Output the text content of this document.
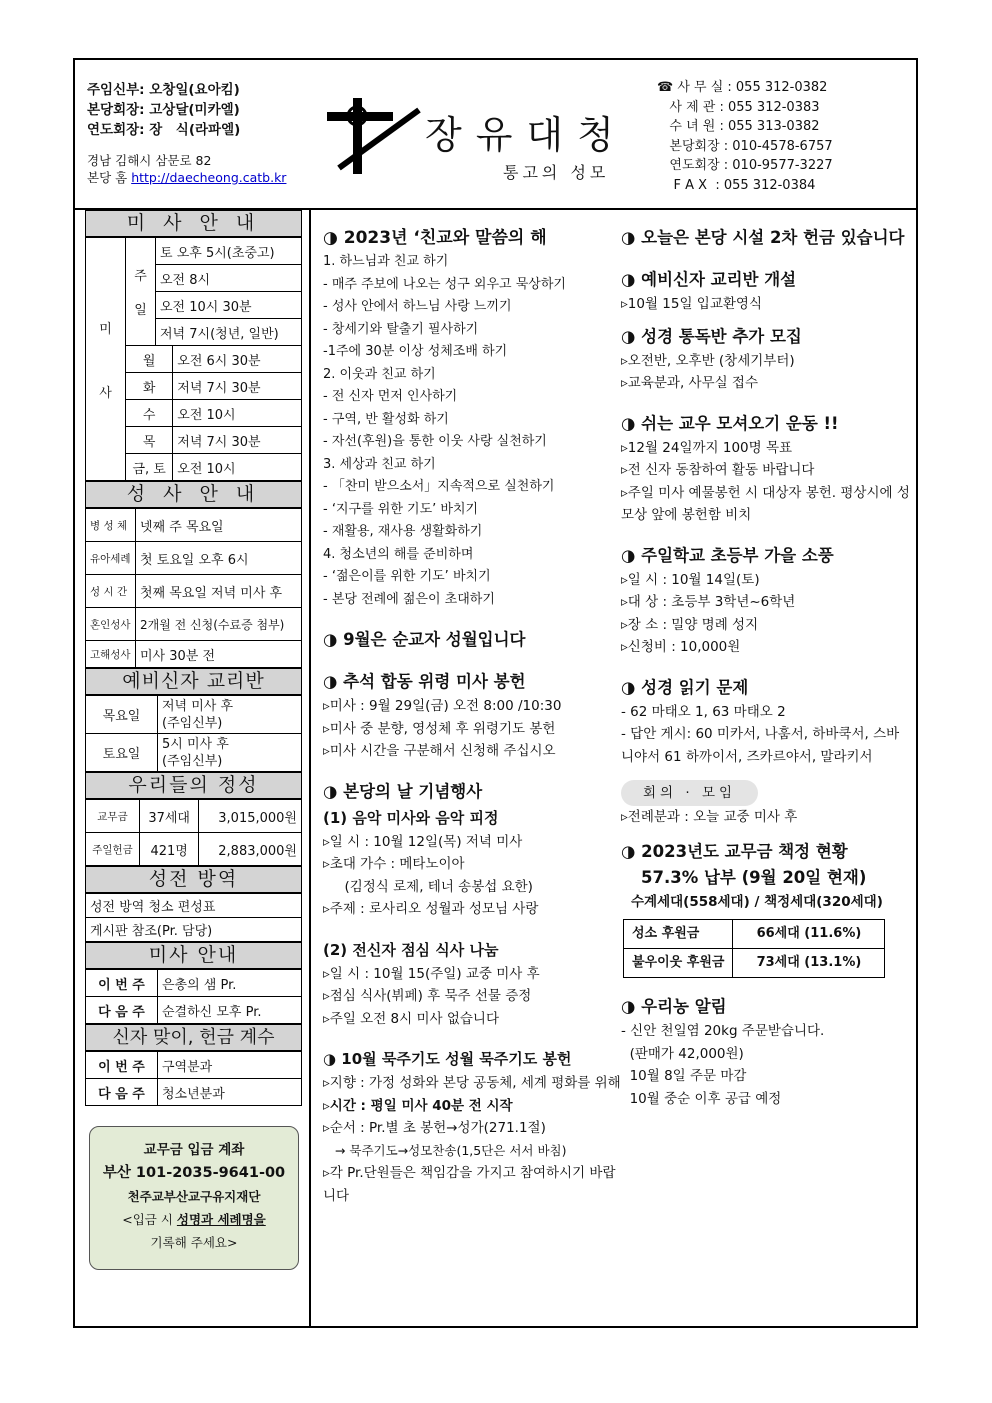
주임신부: 오창일(요아킴)
본당회장: 고상달(미카엘)
연도회장: 장　식(라파엘)
경남 김해시 삼문로 82
본당 홈 http://daecheong.catb.kr
장유대청
통고의 성모
☎ 사 무 실 : 055 312-0382
사 제 관 : 055 312-0383
수 녀 원 : 055 313-0382
본당회장 : 010-4578-6757
연도회장 : 010-9577-3227
F A X  : 055 312-0384
미 사 안 내
미

사	주

일	토 오후 5시(초중고)	
		오전 8시	
		오전 10시 30분	
		저녁 7시(청년, 일반)	
	월		오전 6시 30분
	화		저녁 7시 30분
	수		오전 10시
	목		저녁 7시 30분
	금, 토		오전 10시
성 사 안 내
병 성 체	넷째 주 목요일
유아세례	첫 토요일 오후 6시
성 시 간	첫째 목요일 저녁 미사 후
혼인성사	2개월 전 신청(수료증 첨부)
고해성사	미사 30분 전
예비신자 교리반
목요일	저녁 미사 후
(주임신부)
토요일	5시 미사 후
(주임신부)
우리들의 정성
교무금	37세대	3,015,000원
주일헌금	421명	2,883,000원
성전 방역
성전 방역 청소 편성표
게시판 참조(Pr. 담당)
미사 안내
이 번 주	은총의 샘 Pr.
다 음 주	순결하신 모후 Pr.
신자 맞이, 헌금 계수
이 번 주	구역분과
다 음 주	청소년분과
교무금 입금 계좌
부산 101-2035-9641-00
천주교부산교구유지재단
<입금 시 성명과 세례명을
기록해 주세요>
◑ 2023년 ‘친교와 말씀의 해
1. 하느님과 친교 하기
- 매주 주보에 나오는 성구 외우고 묵상하기
- 성사 안에서 하느님 사랑 느끼기
- 창세기와 탈출기 필사하기
-1주에 30분 이상 성체조배 하기
2. 이웃과 친교 하기
- 전 신자 먼저 인사하기
- 구역, 반 활성화 하기
- 자선(후원)을 통한 이웃 사랑 실천하기
3. 세상과 친교 하기
- 「찬미 받으소서」지속적으로 실천하기
- ‘지구를 위한 기도’ 바치기
- 재활용, 재사용 생활화하기
4. 청소년의 해를 준비하며
- ‘젊은이를 위한 기도’ 바치기
- 본당 전례에 젊은이 초대하기
◑ 9월은 순교자 성월입니다
◑ 추석 합동 위령 미사 봉헌
▹미사 : 9월 29일(금) 오전 8:00 /10:30
▹미사 중 분향, 영성체 후 위령기도 봉헌
▹미사 시간을 구분해서 신청해 주십시오
◑ 본당의 날 기념행사
(1) 음악 미사와 음악 피정
▹일 시 : 10월 12일(목) 저녁 미사
▹초대 가수 : 메타노이아
(김정식 로제, 테너 송봉섭 요한)
▹주제 : 로사리오 성월과 성모님 사랑
(2) 전신자 점심 식사 나눔
▹일 시 : 10월 15(주일) 교중 미사 후
▹점심 식사(뷔페) 후 묵주 선물 증정
▹주일 오전 8시 미사 없습니다
◑ 10월 묵주기도 성월 묵주기도 봉헌
▹지향 : 가정 성화와 본당 공동체, 세계 평화를 위해
▹시간 : 평일 미사 40분 전 시작
▹순서 : Pr.별 초 봉헌→성가(271.1절)
→ 묵주기도→성모찬송(1,5단은 서서 바침)
▹각 Pr.단원들은 책임감을 가지고 참여하시기 바랍니다
◑ 오늘은 본당 시설 2차 헌금 있습니다
◑ 예비신자 교리반 개설
▹10월 15일 입교환영식
◑ 성경 통독반 추가 모집
▹오전반, 오후반 (창세기부터)
▹교육분과, 사무실 접수
◑ 쉬는 교우 모셔오기 운동 !!
▹12월 24일까지 100명 목표
▹전 신자 동참하여 활동 바랍니다
▹주일 미사 예물봉헌 시 대상자 봉헌. 평상시에 성모상 앞에 봉헌함 비치
◑ 주일학교 초등부 가을 소풍
▹일 시 : 10월 14일(토)
▹대 상 : 초등부 3학년~6학년
▹장 소 : 밀양 명례 성지
▹신청비 : 10,000원
◑ 성경 읽기 문제
- 62 마태오 1, 63 마태오 2
- 답안 게시: 60 미카서, 나훔서, 하바쿡서, 스바니야서 61 하까이서, 즈카르야서, 말라키서
회의 · 모임
▹전례분과 : 오늘 교중 미사 후
◑ 2023년도 교무금 책정 현황
57.3% 납부 (9월 20일 현재)
수계세대(558세대) / 책정세대(320세대)
성소 후원금	66세대 (11.6%)
불우이웃 후원금	73세대 (13.1%)
◑ 우리농 알림
- 신안 천일염 20kg 주문받습니다.
(판매가 42,000원)
10월 8일 주문 마감
10월 중순 이후 공급 예정
